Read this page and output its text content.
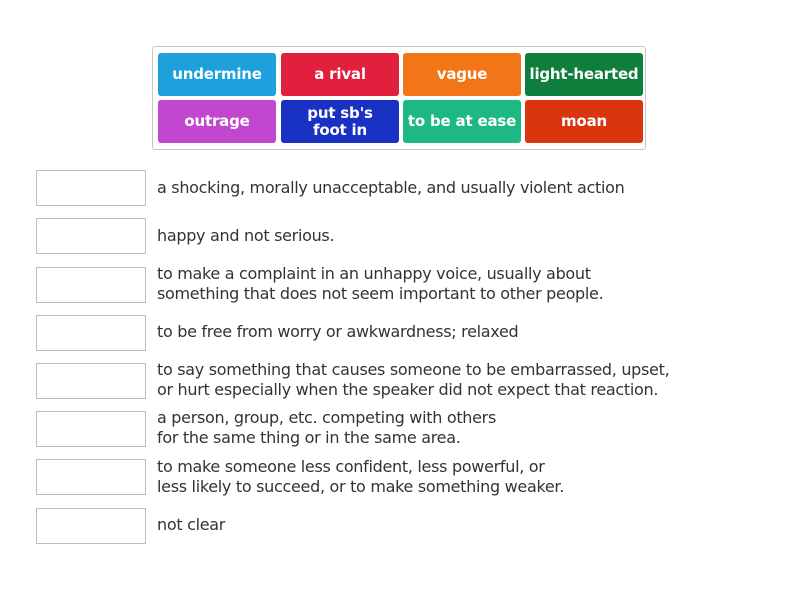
undermine	a rival	vague	light-hearted
outrage	put sb's foot in	to be at ease	moan
a shocking, morally unacceptable, and usually violent action
happy and not serious.
to make a complaint in an unhappy voice, usually about
something that does not seem important to other people.
to be free from worry or awkwardness; relaxed
to say something that causes someone to be embarrassed, upset,
or hurt especially when the speaker did not expect that reaction.
a person, group, etc. competing with others
for the same thing or in the same area.
to make someone less confident, less powerful, or
less likely to succeed, or to make something weaker.
not clear
